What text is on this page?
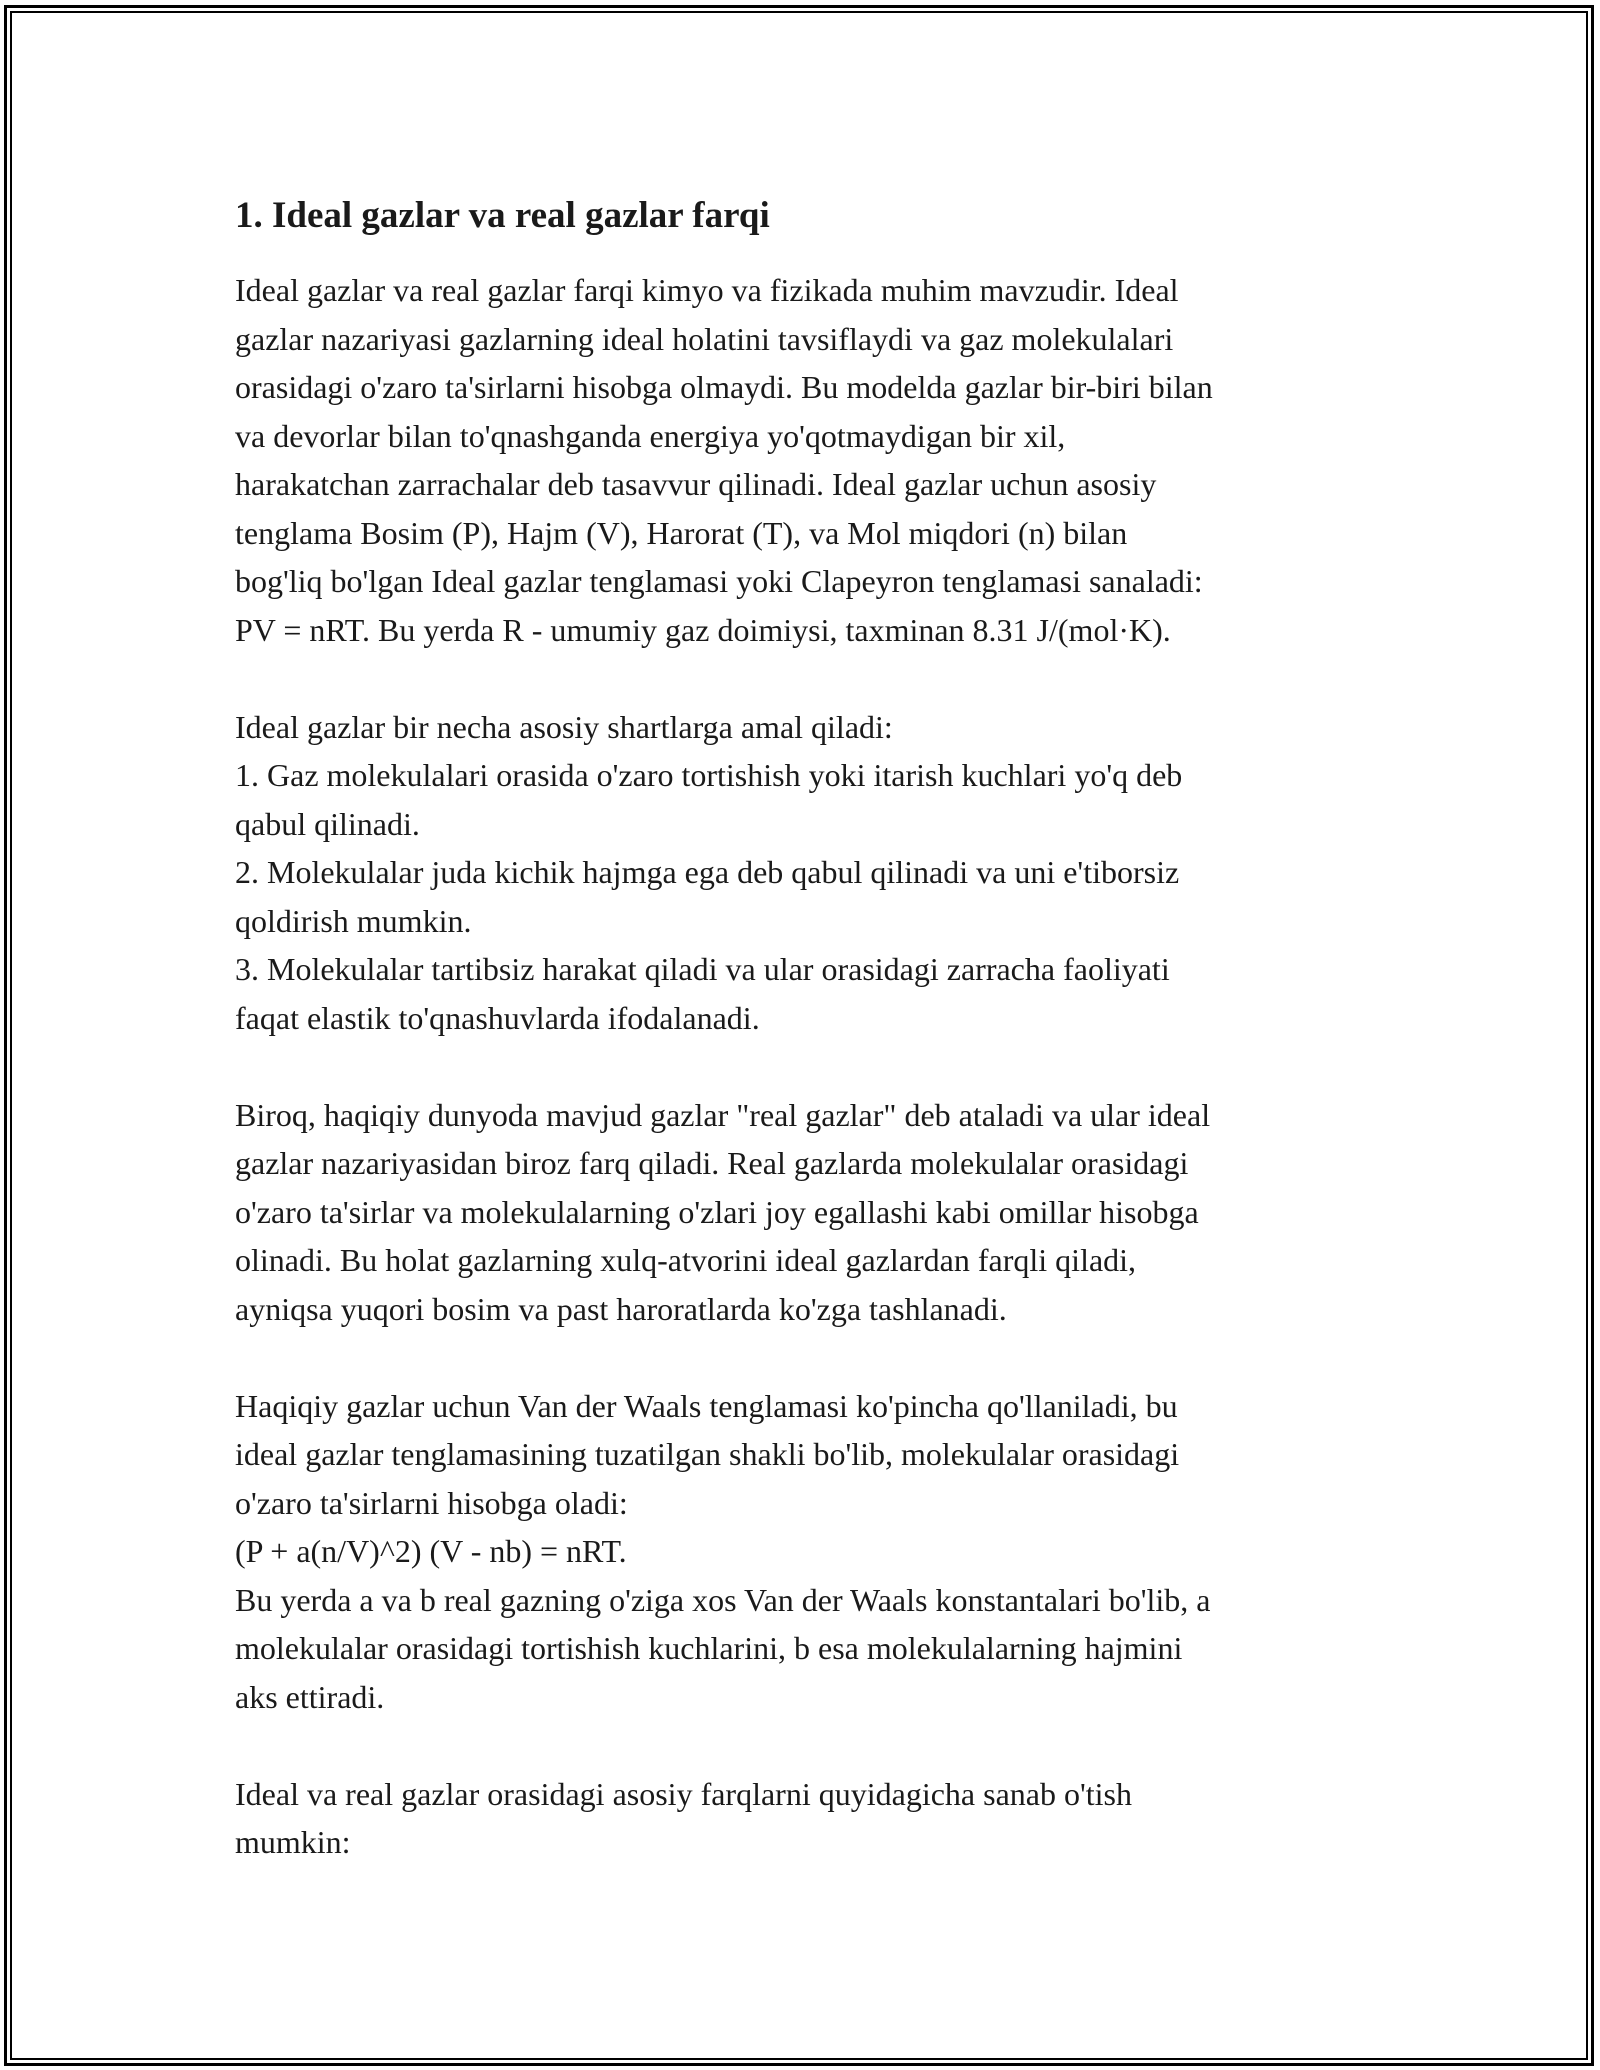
1. Ideal gazlar va real gazlar farqi

Ideal gazlar va real gazlar farqi kimyo va fizikada muhim mavzudir. Ideal
gazlar nazariyasi gazlarning ideal holatini tavsiflaydi va gaz molekulalari
orasidagi o'zaro ta'sirlarni hisobga olmaydi. Bu modelda gazlar bir-biri bilan
va devorlar bilan to'qnashganda energiya yo'qotmaydigan bir xil,
harakatchan zarrachalar deb tasavvur qilinadi. Ideal gazlar uchun asosiy
tenglama Bosim (P), Hajm (V), Harorat (T), va Mol miqdori (n) bilan
bog'liq bo'lgan Ideal gazlar tenglamasi yoki Clapeyron tenglamasi sanaladi:
PV = nRT. Bu yerda R - umumiy gaz doimiysi, taxminan 8.31 J/(mol·K).

Ideal gazlar bir necha asosiy shartlarga amal qiladi:
1. Gaz molekulalari orasida o'zaro tortishish yoki itarish kuchlari yo'q deb
qabul qilinadi.
2. Molekulalar juda kichik hajmga ega deb qabul qilinadi va uni e'tiborsiz
qoldirish mumkin.
3. Molekulalar tartibsiz harakat qiladi va ular orasidagi zarracha faoliyati
faqat elastik to'qnashuvlarda ifodalanadi.

Biroq, haqiqiy dunyoda mavjud gazlar "real gazlar" deb ataladi va ular ideal
gazlar nazariyasidan biroz farq qiladi. Real gazlarda molekulalar orasidagi
o'zaro ta'sirlar va molekulalarning o'zlari joy egallashi kabi omillar hisobga
olinadi. Bu holat gazlarning xulq-atvorini ideal gazlardan farqli qiladi,
ayniqsa yuqori bosim va past haroratlarda ko'zga tashlanadi.

Haqiqiy gazlar uchun Van der Waals tenglamasi ko'pincha qo'llaniladi, bu
ideal gazlar tenglamasining tuzatilgan shakli bo'lib, molekulalar orasidagi
o'zaro ta'sirlarni hisobga oladi:
(P + a(n/V)^2) (V - nb) = nRT.
Bu yerda a va b real gazning o'ziga xos Van der Waals konstantalari bo'lib, a
molekulalar orasidagi tortishish kuchlarini, b esa molekulalarning hajmini
aks ettiradi.

Ideal va real gazlar orasidagi asosiy farqlarni quyidagicha sanab o'tish
mumkin:
